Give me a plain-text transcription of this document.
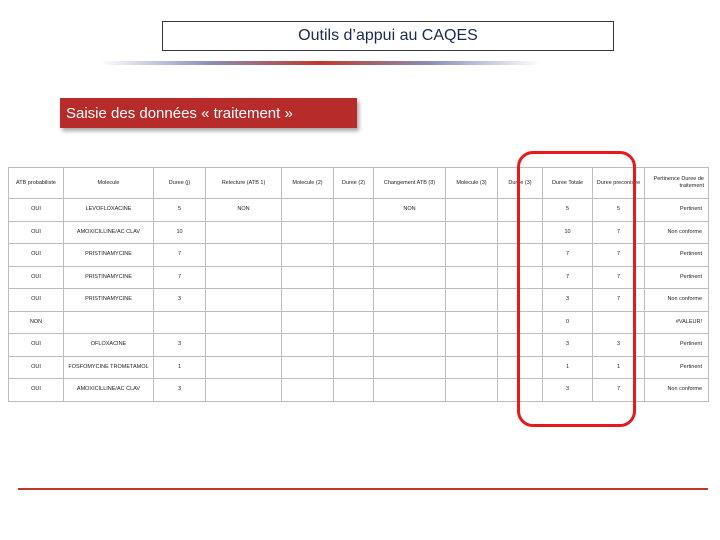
Outils d’appui au CAQES
Saisie des données « traitement »
ATB probabiliste	Molecule	Duree (j)	Relecture (ATB 1)	Molecule (2)	Duree (2)	Changement ATB (3)	Molecule (3)	Duree (3)	Duree Totale	Duree preconisee	Pertinence Duree de traitement
OUI	LEVOFLOXACINE	5	NON			NON			5	5	Pertinent
OUI	AMOXICILLINE/AC CLAV	10							10	7	Non conforme
OUI	PRISTINAMYCINE	7							7	7	Pertinent
OUI	PRISTINAMYCINE	7							7	7	Pertinent
OUI	PRISTINAMYCINE	3							3	7	Non conforme
NON									0		#VALEUR!
OUI	OFLOXACINE	3							3	3	Pertinent
OUI	FOSFOMYCINE TROMETAMOL	1							1	1	Pertinent
OUI	AMOXICILLINE/AC CLAV	3							3	7	Non conforme
